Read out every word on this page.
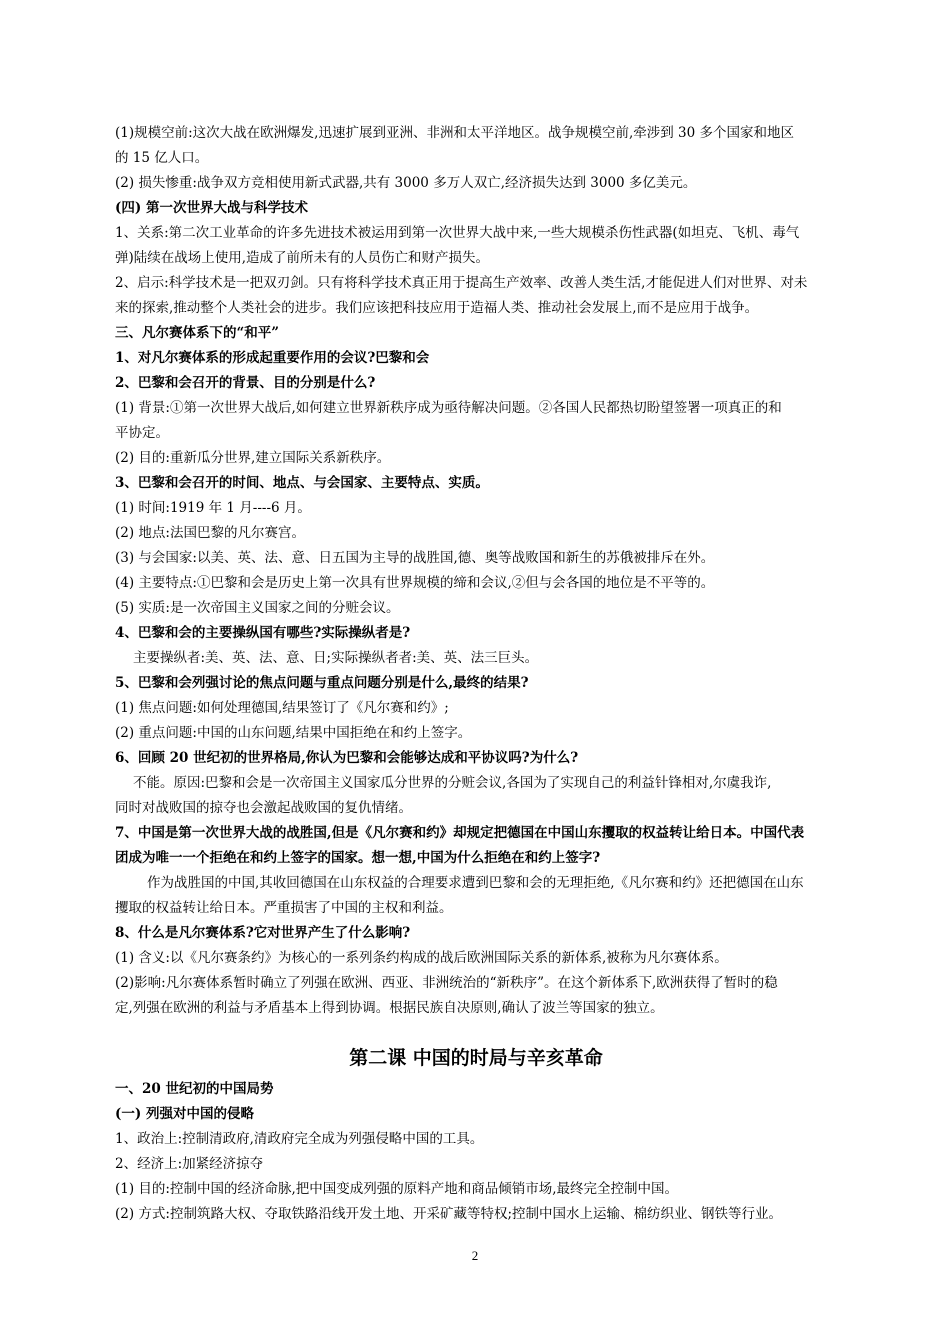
(1)规模空前:这次大战在欧洲爆发,迅速扩展到亚洲、非洲和太平洋地区。战争规模空前,牵涉到 30 多个国家和地区
的 15 亿人口。
(2) 损失惨重:战争双方竞相使用新式武器,共有 3000 多万人双亡,经济损失达到 3000 多亿美元。
(四) 第一次世界大战与科学技术
1、关系:第二次工业革命的许多先进技术被运用到第一次世界大战中来,一些大规模杀伤性武器(如坦克、飞机、毒气
弹)陆续在战场上使用,造成了前所未有的人员伤亡和财产损失。
2、启示:科学技术是一把双刃剑。只有将科学技术真正用于提高生产效率、改善人类生活,才能促进人们对世界、对未
来的探索,推动整个人类社会的进步。我们应该把科技应用于造福人类、推动社会发展上,而不是应用于战争。
三、凡尔赛体系下的“和平”
1、对凡尔赛体系的形成起重要作用的会议?巴黎和会
2、巴黎和会召开的背景、目的分别是什么?
(1) 背景:①第一次世界大战后,如何建立世界新秩序成为亟待解决问题。②各国人民都热切盼望签署一项真正的和
平协定。
(2) 目的:重新瓜分世界,建立国际关系新秩序。
3、巴黎和会召开的时间、地点、与会国家、主要特点、实质。
(1) 时间:1919 年 1 月----6 月。
(2) 地点:法国巴黎的凡尔赛宫。
(3) 与会国家:以美、英、法、意、日五国为主导的战胜国,德、奥等战败国和新生的苏俄被排斥在外。
(4) 主要特点:①巴黎和会是历史上第一次具有世界规模的缔和会议,②但与会各国的地位是不平等的。
(5) 实质:是一次帝国主义国家之间的分赃会议。
4、巴黎和会的主要操纵国有哪些?实际操纵者是?
主要操纵者:美、英、法、意、日;实际操纵者者:美、英、法三巨头。
5、巴黎和会列强讨论的焦点问题与重点问题分别是什么,最终的结果?
(1) 焦点问题:如何处理德国,结果签订了《凡尔赛和约》;
(2) 重点问题:中国的山东问题,结果中国拒绝在和约上签字。
6、回顾 20 世纪初的世界格局,你认为巴黎和会能够达成和平协议吗?为什么?
不能。原因:巴黎和会是一次帝国主义国家瓜分世界的分赃会议,各国为了实现自己的利益针锋相对,尔虞我诈,
同时对战败国的掠夺也会激起战败国的复仇情绪。
7、中国是第一次世界大战的战胜国,但是《凡尔赛和约》却规定把德国在中国山东攫取的权益转让给日本。中国代表
团成为唯一一个拒绝在和约上签字的国家。想一想,中国为什么拒绝在和约上签字?
作为战胜国的中国,其收回德国在山东权益的合理要求遭到巴黎和会的无理拒绝,《凡尔赛和约》还把德国在山东
攫取的权益转让给日本。严重损害了中国的主权和利益。
8、什么是凡尔赛体系?它对世界产生了什么影响?
(1) 含义:以《凡尔赛条约》为核心的一系列条约构成的战后欧洲国际关系的新体系,被称为凡尔赛体系。
(2)影响:凡尔赛体系暂时确立了列强在欧洲、西亚、非洲统治的“新秩序”。在这个新体系下,欧洲获得了暂时的稳
定,列强在欧洲的利益与矛盾基本上得到协调。根据民族自决原则,确认了波兰等国家的独立。
第二课 中国的时局与辛亥革命
一、20 世纪初的中国局势
(一) 列强对中国的侵略
1、政治上:控制清政府,清政府完全成为列强侵略中国的工具。
2、经济上:加紧经济掠夺
(1) 目的:控制中国的经济命脉,把中国变成列强的原料产地和商品倾销市场,最终完全控制中国。
(2) 方式:控制筑路大权、夺取铁路沿线开发土地、开采矿藏等特权;控制中国水上运输、棉纺织业、钢铁等行业。
2
